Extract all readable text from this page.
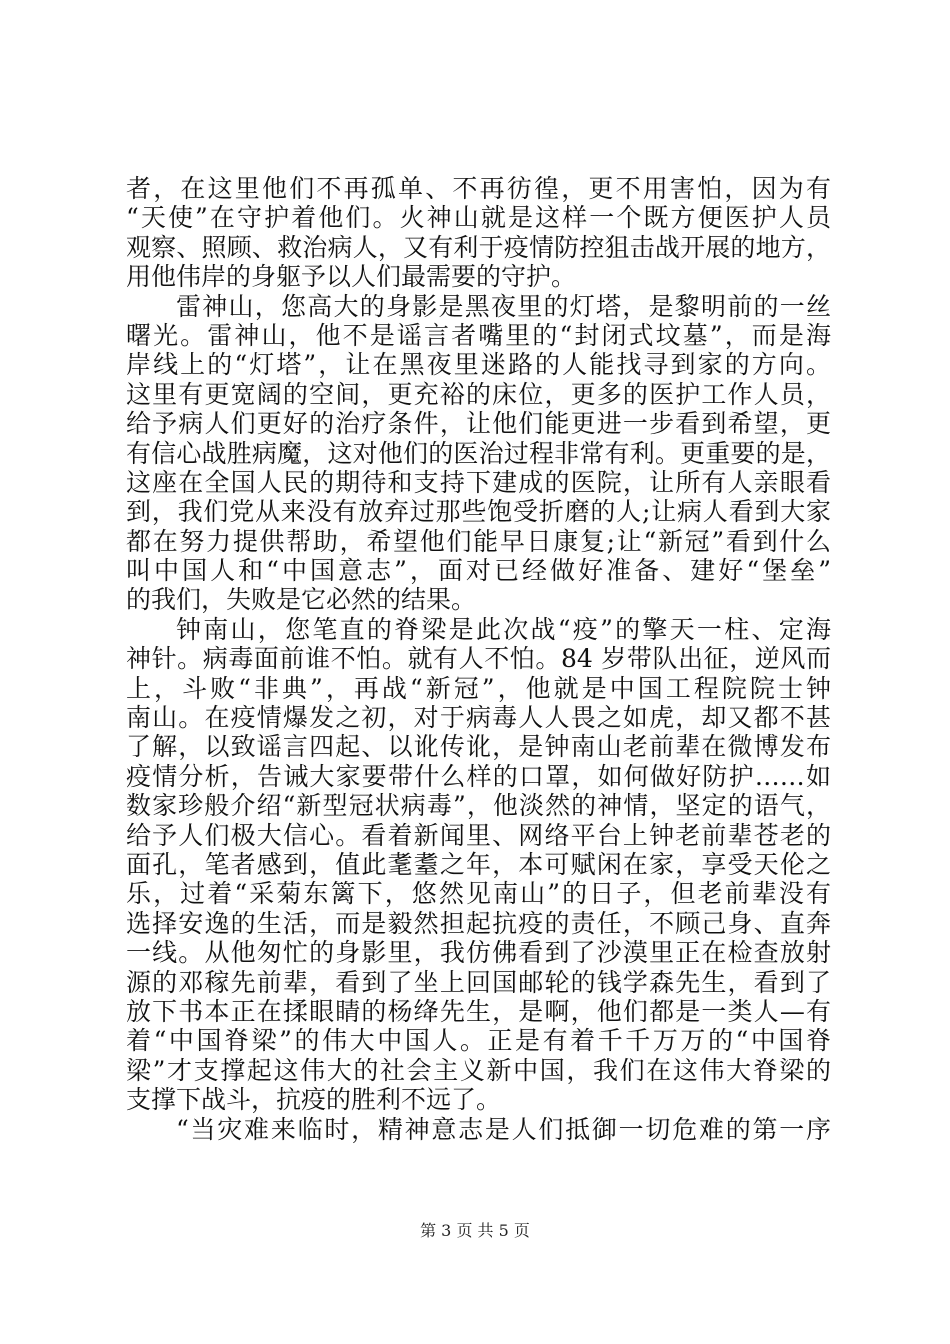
者，在这里他们不再孤单、不再彷徨，更不用害怕，因为有
“天使”在守护着他们。火神山就是这样一个既方便医护人员
观察、照顾、救治病人，又有利于疫情防控狙击战开展的地方，
用他伟岸的身躯予以人们最需要的守护。
雷神山，您高大的身影是黑夜里的灯塔，是黎明前的一丝
曙光。雷神山，他不是谣言者嘴里的“封闭式坟墓”，而是海
岸线上的“灯塔”，让在黑夜里迷路的人能找寻到家的方向。
这里有更宽阔的空间，更充裕的床位，更多的医护工作人员，
给予病人们更好的治疗条件，让他们能更进一步看到希望，更
有信心战胜病魔，这对他们的医治过程非常有利。更重要的是，
这座在全国人民的期待和支持下建成的医院，让所有人亲眼看
到，我们党从来没有放弃过那些饱受折磨的人;让病人看到大家
都在努力提供帮助，希望他们能早日康复;让“新冠”看到什么
叫中国人和“中国意志”，面对已经做好准备、建好“堡垒”
的我们，失败是它必然的结果。
钟南山，您笔直的脊梁是此次战“疫”的擎天一柱、定海
神针。病毒面前谁不怕。就有人不怕。84 岁带队出征，逆风而
上，斗败“非典”，再战“新冠”，他就是中国工程院院士钟
南山。在疫情爆发之初，对于病毒人人畏之如虎，却又都不甚
了解，以致谣言四起、以讹传讹，是钟南山老前辈在微博发布
疫情分析，告诫大家要带什么样的口罩，如何做好防护……如
数家珍般介绍“新型冠状病毒”，他淡然的神情，坚定的语气，
给予人们极大信心。看着新闻里、网络平台上钟老前辈苍老的
面孔，笔者感到，值此耄耋之年，本可赋闲在家，享受天伦之
乐，过着“采菊东篱下，悠然见南山”的日子，但老前辈没有
选择安逸的生活，而是毅然担起抗疫的责任，不顾己身、直奔
一线。从他匆忙的身影里，我仿佛看到了沙漠里正在检查放射
源的邓稼先前辈，看到了坐上回国邮轮的钱学森先生，看到了
放下书本正在揉眼睛的杨绛先生，是啊，他们都是一类人—有
着“中国脊梁”的伟大中国人。正是有着千千万万的“中国脊
梁”才支撑起这伟大的社会主义新中国，我们在这伟大脊梁的
支撑下战斗，抗疫的胜利不远了。
“当灾难来临时，精神意志是人们抵御一切危难的第一序
第 3 页 共 5 页
